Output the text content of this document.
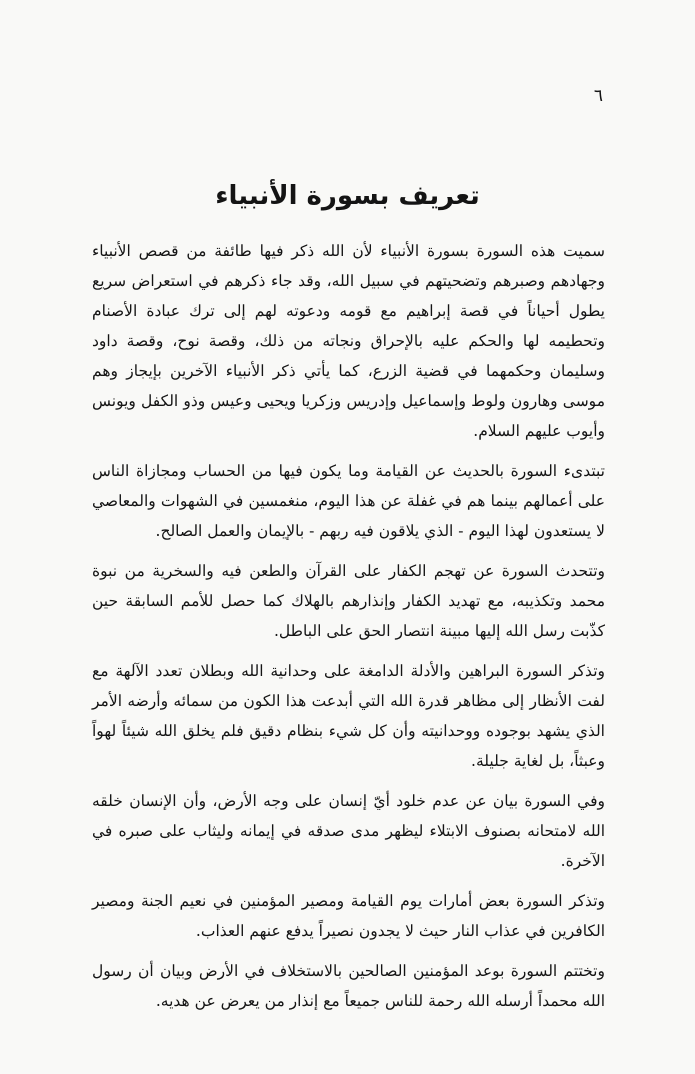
٦
تعريف بسورة الأنبياء

سميت هذه السورة بسورة الأنبياء لأن الله ذكر فيها طائفة من قصص الأنبياء وجهادهم وصبرهم وتضحيتهم في سبيل الله، وقد جاء ذكرهم في استعراض سريع يطول أحياناً في قصة إبراهيم مع قومه ودعوته لهم إلى ترك عبادة الأصنام وتحطيمه لها والحكم عليه بالإحراق ونجاته من ذلك، وقصة نوح، وقصة داود وسليمان وحكمهما في قضية الزرع، كما يأتي ذكر الأنبياء الآخرين بإيجاز وهم موسى وهارون ولوط وإسماعيل وإدريس وزكريا ويحيى وعيس وذو الكفل ويونس وأيوب عليهم السلام.

تبتدىء السورة بالحديث عن القيامة وما يكون فيها من الحساب ومجازاة الناس على أعمالهم بينما هم في غفلة عن هذا اليوم، منغمسين في الشهوات والمعاصي لا يستعدون لهذا اليوم - الذي يلاقون فيه ربهم - بالإيمان والعمل الصالح.

وتتحدث السورة عن تهجم الكفار على القرآن والطعن فيه والسخرية من نبوة محمد وتكذيبه، مع تهديد الكفار وإنذارهم بالهلاك كما حصل للأمم السابقة حين كذّبت رسل الله إليها مبينة انتصار الحق على الباطل.

وتذكر السورة البراهين والأدلة الدامغة على وحدانية الله وبطلان تعدد الآلهة مع لفت الأنظار إلى مظاهر قدرة الله التي أبدعت هذا الكون من سمائه وأرضه الأمر الذي يشهد بوجوده ووحدانيته وأن كل شيء بنظام دقيق فلم يخلق الله شيئاً لهواً وعبثاً، بل لغاية جليلة.

وفي السورة بيان عن عدم خلود أيّ إنسان على وجه الأرض، وأن الإنسان خلقه الله لامتحانه بصنوف الابتلاء ليظهر مدى صدقه في إيمانه وليثاب على صبره في الآخرة.

وتذكر السورة بعض أمارات يوم القيامة ومصير المؤمنين في نعيم الجنة ومصير الكافرين في عذاب النار حيث لا يجدون نصيراً يدفع عنهم العذاب.

وتختتم السورة بوعد المؤمنين الصالحين بالاستخلاف في الأرض وبيان أن رسول الله محمداً أرسله الله رحمة للناس جميعاً مع إنذار من يعرض عن هديه.
